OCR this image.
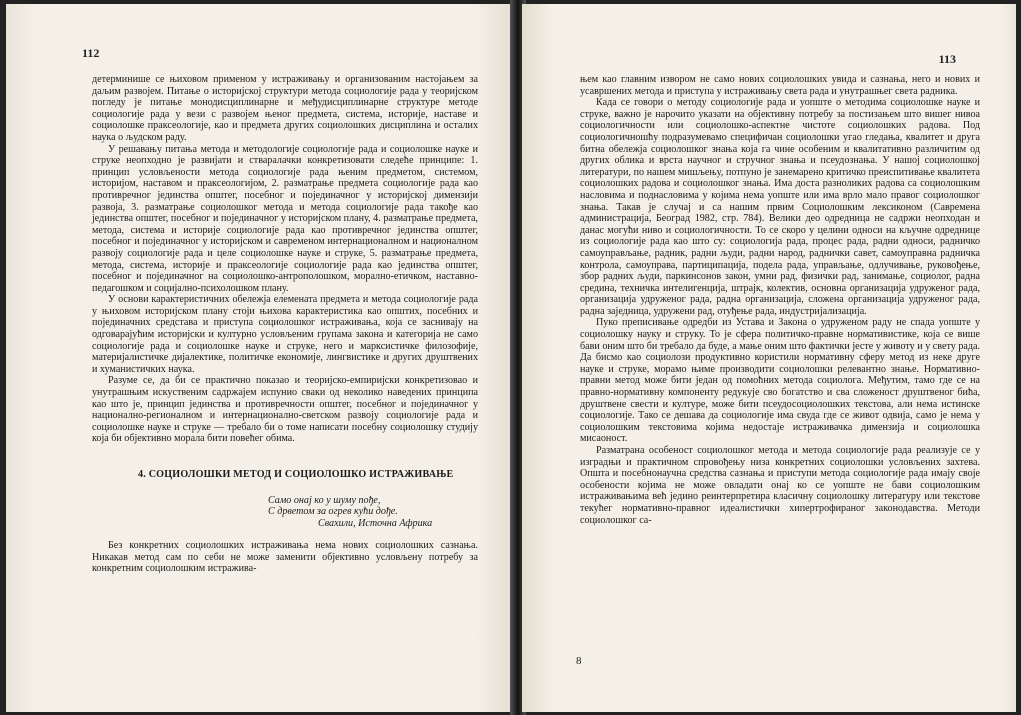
112

детерминише се њиховом применом у истраживању и организованим настојањем за даљим развојем. Питање о историјској структури метода социологије рада у теоријском погледу је питање монодисциплинарне и међудисциплинарне структуре методе социологије рада у вези с развојем њеног предмета, система, историје, наставе и социолошке праксеологије, као и предмета других социолошких дисциплина и осталих наука о људском раду.

У решавању питања метода и методологије социологије рада и социолошке науке и струке неопходно је развијати и стваралачки конкретизовати следеће принципе: 1. принцип условљености метода социологије рада њеним предметом, системом, историјом, наставом и праксеологијом, 2. разматрање предмета социологије рада као противречног јединства општег, посебног и појединачног у историјској димензији развоја, 3. разматрање социолошког метода и метода социологије рада такође као јединства општег, посебног и појединачног у историјском плану, 4. разматрање предмета, метода, система и историје социологије рада као противречног јединства општег, посебног и појединачног у историјском и савременом интернационалном и националном развоју социологије рада и целе социолошке науке и струке, 5. разматрање предмета, метода, система, историје и праксеологије социологије рада као јединства општег, посебног и појединачног на социолошко-антрополошком, морално-етичком, наставно-педагошком и социјално-психолошком плану.

У основи карактеристичних обележја елемената предмета и метода социологије рада у њиховом историјском плану стоји њихова карактеристика као општих, посебних и појединачних средстава и приступа социолошког истраживања, која се заснивају на одговарајућим историјски и културно условљеним групама закона и категорија не само социологије рада и социолошке науке и струке, него и марксистичке филозофије, материјалистичке дијалектике, политичке економије, лингвистике и других друштвених и хуманистичких наука.

Разуме се, да би се практично показао и теоријско-емпиријски конкретизовао и унутрашњим искуственим садржајем испунио сваки од неколико наведених принципа као што је, принцип јединства и противречности општег, посебног и појединачног у национално-регионалном и интернационално-светском развоју социологије рада и социолошке науке и струке — требало би о томе написати посебну социолошку студију која би објективно морала бити повећег обима.

4. СОЦИОЛОШКИ МЕТОД И СОЦИОЛОШКО ИСТРАЖИВАЊЕ
Само онај ко у шуму пође,
С дрветом за огрев кући дође.
Свахили, Источна Африка

Без конкретних социолошких истраживања нема нових социолошких сазнања. Никакав метод сам по себи не може заменити објективно условљену потребу за конкретним социолошким истражива-

113

њем као главним извором не само нових социолошких увида и сазнања, него и нових и усавршених метода и приступа у истраживању света рада и унутрашњег света радника.

Када се говори о методу социологије рада и уопште о методима социолошке науке и струке, важно је нарочито указати на објективну потребу за постизањем што вишег нивоа социологичности или социолошко-аспектне чистоте социолошких радова. Под социологичношћу подразумевамо специфичан социолошки угао гледања, квалитет и друга битна обележја социолошког знања која га чине особеним и квалитативно различитим од других облика и врста научног и стручног знања и псеудознања. У нашој социолошкој литератури, по нашем мишљењу, потпуно је занемарено критичко преиспитивање квалитета социолошких радова и социолошког знања. Има доста разноликих радова са социолошким насловима и поднасловима у којима нема уопште или има врло мало правог социолошког знања. Такав је случај и са нашим првим Социолошким лексиконом (Савремена администрација, Београд 1982, стр. 784). Велики део одредница не садржи неопходан и данас могући ниво и социологичности. То се скоро у целини односи на кључне одреднице из социологије рада као што су: социологија рада, процес рада, радни односи, радничко самоуправљање, радник, радни људи, радни народ, раднички савет, самоуправна радничка контрола, самоуправа, партиципација, подела рада, управљање, одлучивање, руковођење, збор радних људи, паркинсонов закон, умни рад, физички рад, занимање, социолог, радна средина, техничка интелигенција, штрајк, колектив, основна организација удруженог рада, организација удруженог рада, радна организација, сложена организација удруженог рада, радна заједница, удружени рад, отуђење рада, индустријализација.

Пуко преписивање одредби из Устава и Закона о удруженом раду не спада уопште у социолошку науку и струку. То је сфера политичко-правне нормативистике, која се више бави оним што би требало да буде, а мање оним што фактички јесте у животу и у свету рада. Да бисмо као социолози продуктивно користили нормативну сферу метод из неке друге науке и струке, морамо њиме производити социолошки релевантно знање. Нормативно-правни метод може бити један од помоћних метода социолога. Међутим, тамо где се на правно-нормативну компоненту редукује сво богатство и сва сложеност друштвеног бића, друштвене свести и културе, може бити псеудосоциолошких текстова, али нема истинске социологије. Тако се дешава да социологије има свуда где се живот одвија, само је нема у социолошким текстовима којима недостаје истраживачка димензија и социолошка мисаоност.

Разматрана особеност социолошког метода и метода социологије рада реализује се у изградњи и практичном спровођењу низа конкретних социолошки условљених захтева. Општа и посебнонаучна средства сазнања и приступи метода социологије рада имају своје особености којима не може овладати онај ко се уопште не бави социолошким истраживањима већ једино реинтерпретира класичну социолошку литературу или текстове текућег нормативно-правног идеалистички хипертрофираног законодавства. Методи социолошког са-

8
